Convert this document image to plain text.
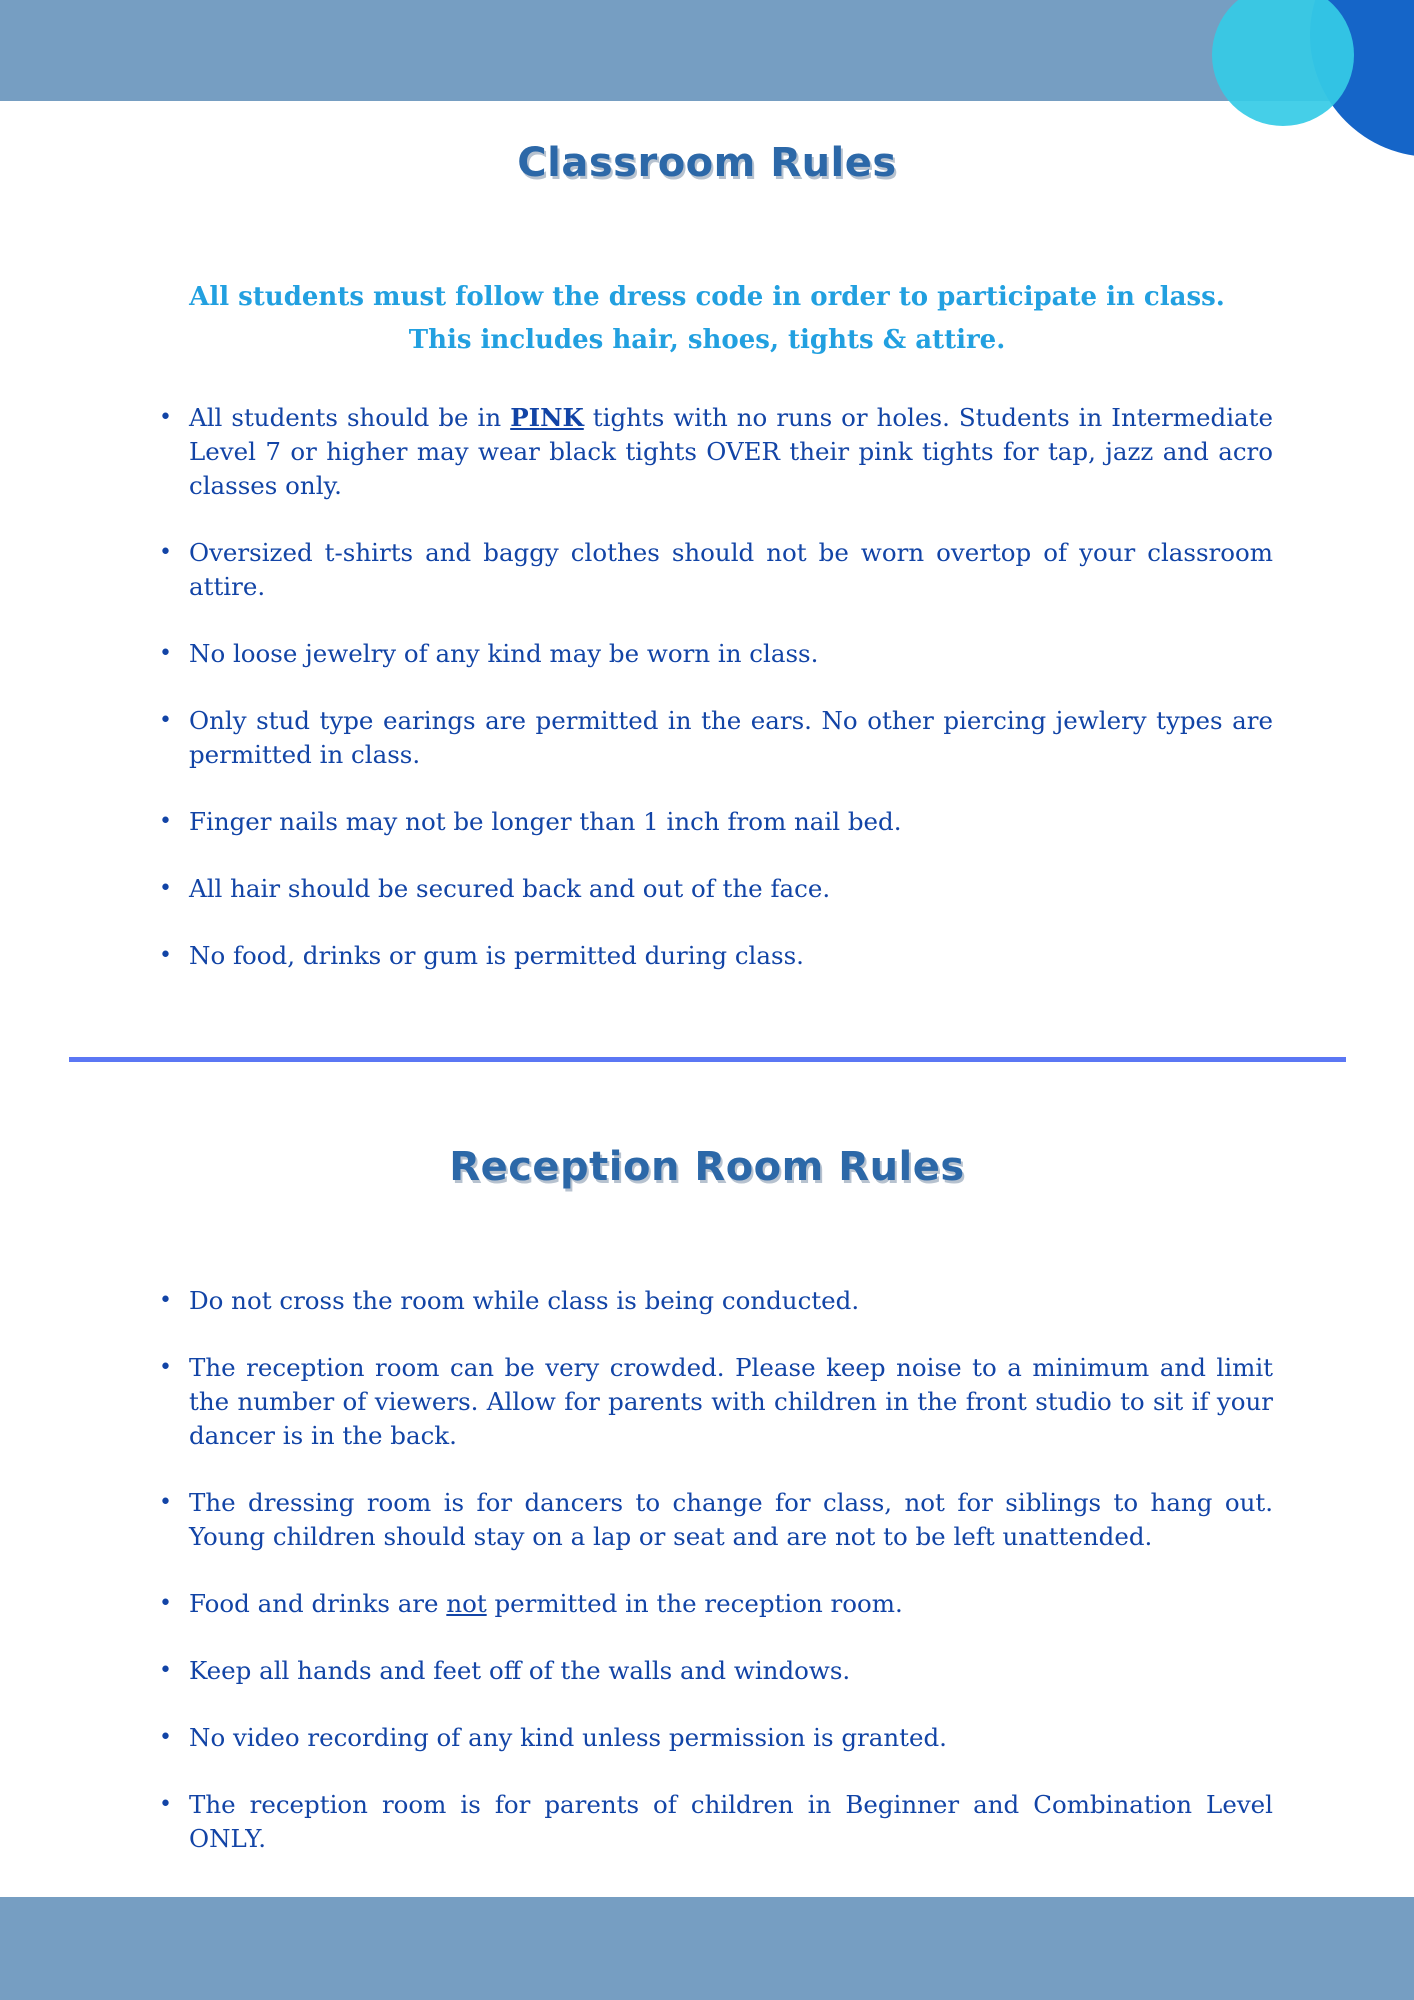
Classroom Rules
All students must follow the dress code in order to participate in class.
This includes hair, shoes, tights & attire.
• All students should be in PINK tights with no runs or holes. Students in Intermediate Level 7 or higher may wear black tights OVER their pink tights for tap, jazz and acro classes only.
• Oversized t-shirts and baggy clothes should not be worn overtop of your classroom attire.
• No loose jewelry of any kind may be worn in class.
• Only stud type earings are permitted in the ears. No other piercing jewlery types are permitted in class.
• Finger nails may not be longer than 1 inch from nail bed.
• All hair should be secured back and out of the face.
• No food, drinks or gum is permitted during class.
Reception Room Rules
• Do not cross the room while class is being conducted.
• The reception room can be very crowded. Please keep noise to a minimum and limit the number of viewers. Allow for parents with children in the front studio to sit if your dancer is in the back.
• The dressing room is for dancers to change for class, not for siblings to hang out. Young children should stay on a lap or seat and are not to be left unattended.
• Food and drinks are not permitted in the reception room.
• Keep all hands and feet off of the walls and windows.
• No video recording of any kind unless permission is granted.
• The reception room is for parents of children in Beginner and Combination Level ONLY.
